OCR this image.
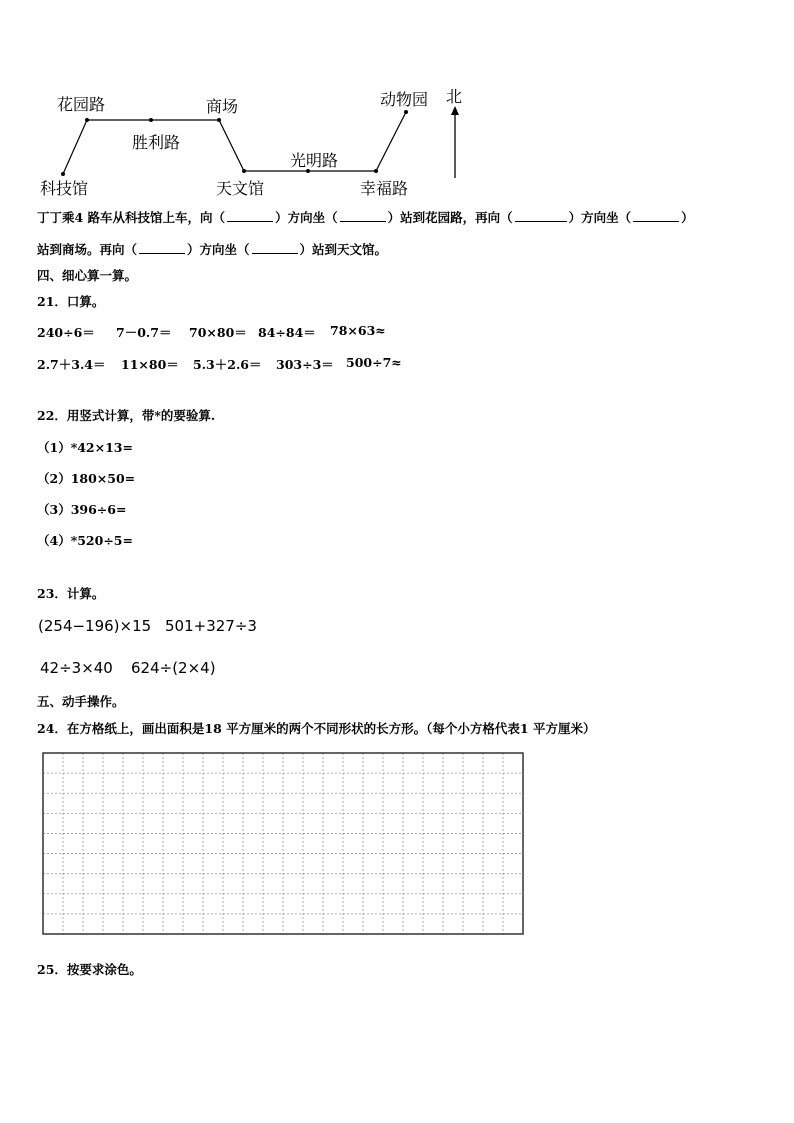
花园路
胜利路
商场
科技馆	天文馆
光明路
幸福路
动物园 北
丁丁乘4 路车从科技馆上车，向（	）方向坐（	）站到花园路，再向（	）方向坐（	）
站到商场。再向（	）方向坐（	）站到天文馆。
四、细心算一算。
21．口算。
240÷6＝ 7－0.7＝ 70×80＝ 84÷84＝ 78×63≈
2.7＋3.4＝ 11×80＝ 5.3＋2.6＝ 303÷3＝ 500÷7≈
22．用竖式计算，带*的要验算.
（1）*42×13=
（2）180×50=
（3）396÷6=
（4）*520÷5=
23．计算。
(254−196)×15 501+327÷3
42÷3×40 624÷(2×4)
五、动手操作。
24．在方格纸上，画出面积是18 平方厘米的两个不同形状的长方形。（每个小方格代表1 平方厘米）
25．按要求涂色。
